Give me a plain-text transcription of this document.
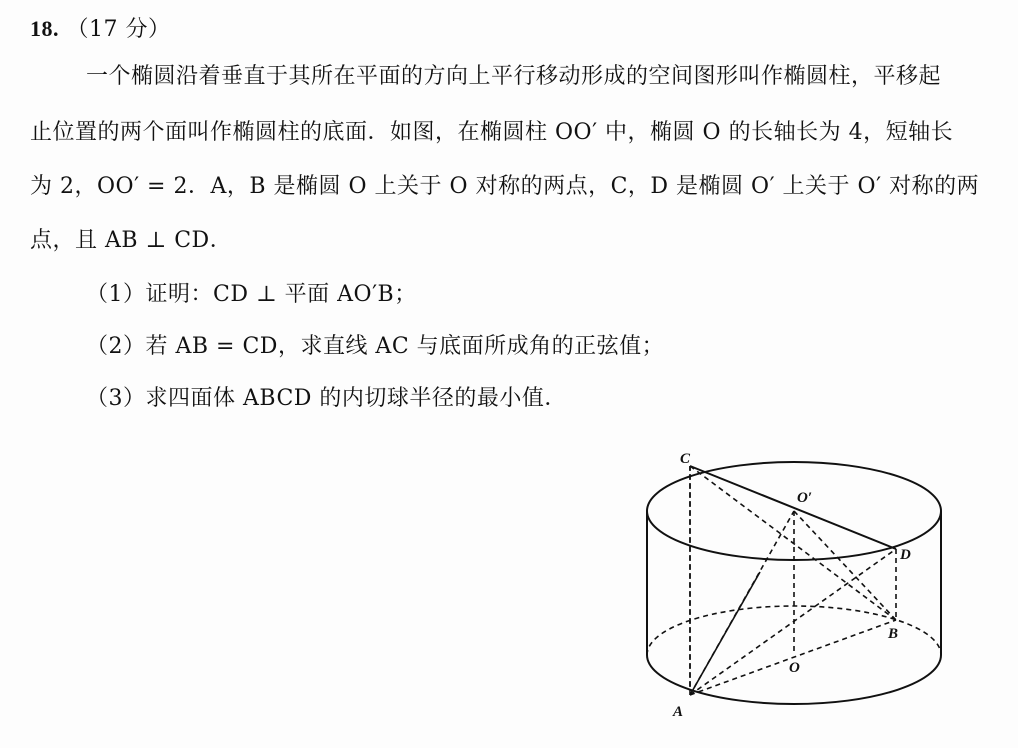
18. （17 分）
一个椭圆沿着垂直于其所在平面的方向上平行移动形成的空间图形叫作椭圆柱，平移起
止位置的两个面叫作椭圆柱的底面．如图，在椭圆柱 OO′ 中，椭圆 O 的长轴长为 4，短轴长
为 2，OO′ = 2．A，B 是椭圆 O 上关于 O 对称的两点，C，D 是椭圆 O′ 上关于 O′ 对称的两
点，且 AB ⊥ CD．
（1）证明：CD ⊥ 平面 AO′B；
（2）若 AB = CD，求直线 AC 与底面所成角的正弦值；
（3）求四面体 ABCD 的内切球半径的最小值．
C
O′
D
B
O
A
